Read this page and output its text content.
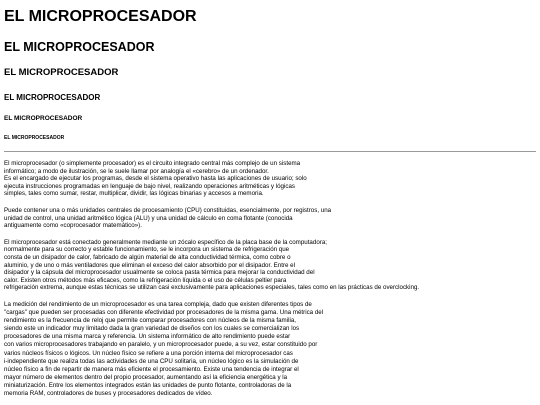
EL MICROPROCESADOR
EL MICROPROCESADOR
EL MICROPROCESADOR
EL MICROPROCESADOR
EL MICROPROCESADOR
EL MICROPROCESADOR

El microprocesador (o simplemente procesador) es el circuito integrado central más complejo de un sistema
informático; a modo de ilustración, se le suele llamar por analogía el «cerebro» de un ordenador.
Es el encargado de ejecutar los programas, desde el sistema operativo hasta las aplicaciones de usuario; solo
ejecuta instrucciones programadas en lenguaje de bajo nivel, realizando operaciones aritméticas y lógicas
simples, tales como sumar, restar, multiplicar, dividir, las lógicas binarias y accesos a memoria.

Puede contener una o más unidades centrales de procesamiento (CPU) constituidas, esencialmente, por registros, una
unidad de control, una unidad aritmético lógica (ALU) y una unidad de cálculo en coma flotante (conocida
antiguamente como «coprocesador matemático»).

El microprocesador está conectado generalmente mediante un zócalo específico de la placa base de la computadora;
normalmente para su correcto y estable funcionamiento, se le incorpora un sistema de refrigeración que
consta de un disipador de calor, fabricado de algún material de alta conductividad térmica, como cobre o
aluminio, y de uno o más ventiladores que eliminan el exceso del calor absorbido por el disipador. Entre el
disipador y la cápsula del microprocesador usualmente se coloca pasta térmica para mejorar la conductividad del
calor. Existen otros métodos más eficaces, como la refrigeración líquida o el uso de células peltier para
refrigeración extrema, aunque estas técnicas se utilizan casi exclusivamente para aplicaciones especiales, tales como en las prácticas de overclocking.

La medición del rendimiento de un microprocesador es una tarea compleja, dado que existen diferentes tipos de
"cargas" que pueden ser procesadas con diferente efectividad por procesadores de la misma gama. Una métrica del
rendimiento es la frecuencia de reloj que permite comparar procesadores con núcleos de la misma familia,
siendo este un indicador muy limitado dada la gran variedad de diseños con los cuales se comercializan los
procesadores de una misma marca y referencia. Un sistema informático de alto rendimiento puede estar
con varios microprocesadores trabajando en paralelo, y un microprocesador puede, a su vez, estar constituido por
varios núcleos físicos o lógicos. Un núcleo físico se refiere a una porción interna del microprocesador cas
i-independiente que realiza todas las actividades de una CPU solitaria, un núcleo lógico es la simulación de
núcleo físico a fin de repartir de manera más eficiente el procesamiento. Existe una tendencia de integrar el
mayor número de elementos dentro del propio procesador, aumentando así la eficiencia energética y la
miniaturización. Entre los elementos integrados están las unidades de punto flotante, controladoras de la
memoria RAM, controladores de buses y procesadores dedicados de vídeo.
